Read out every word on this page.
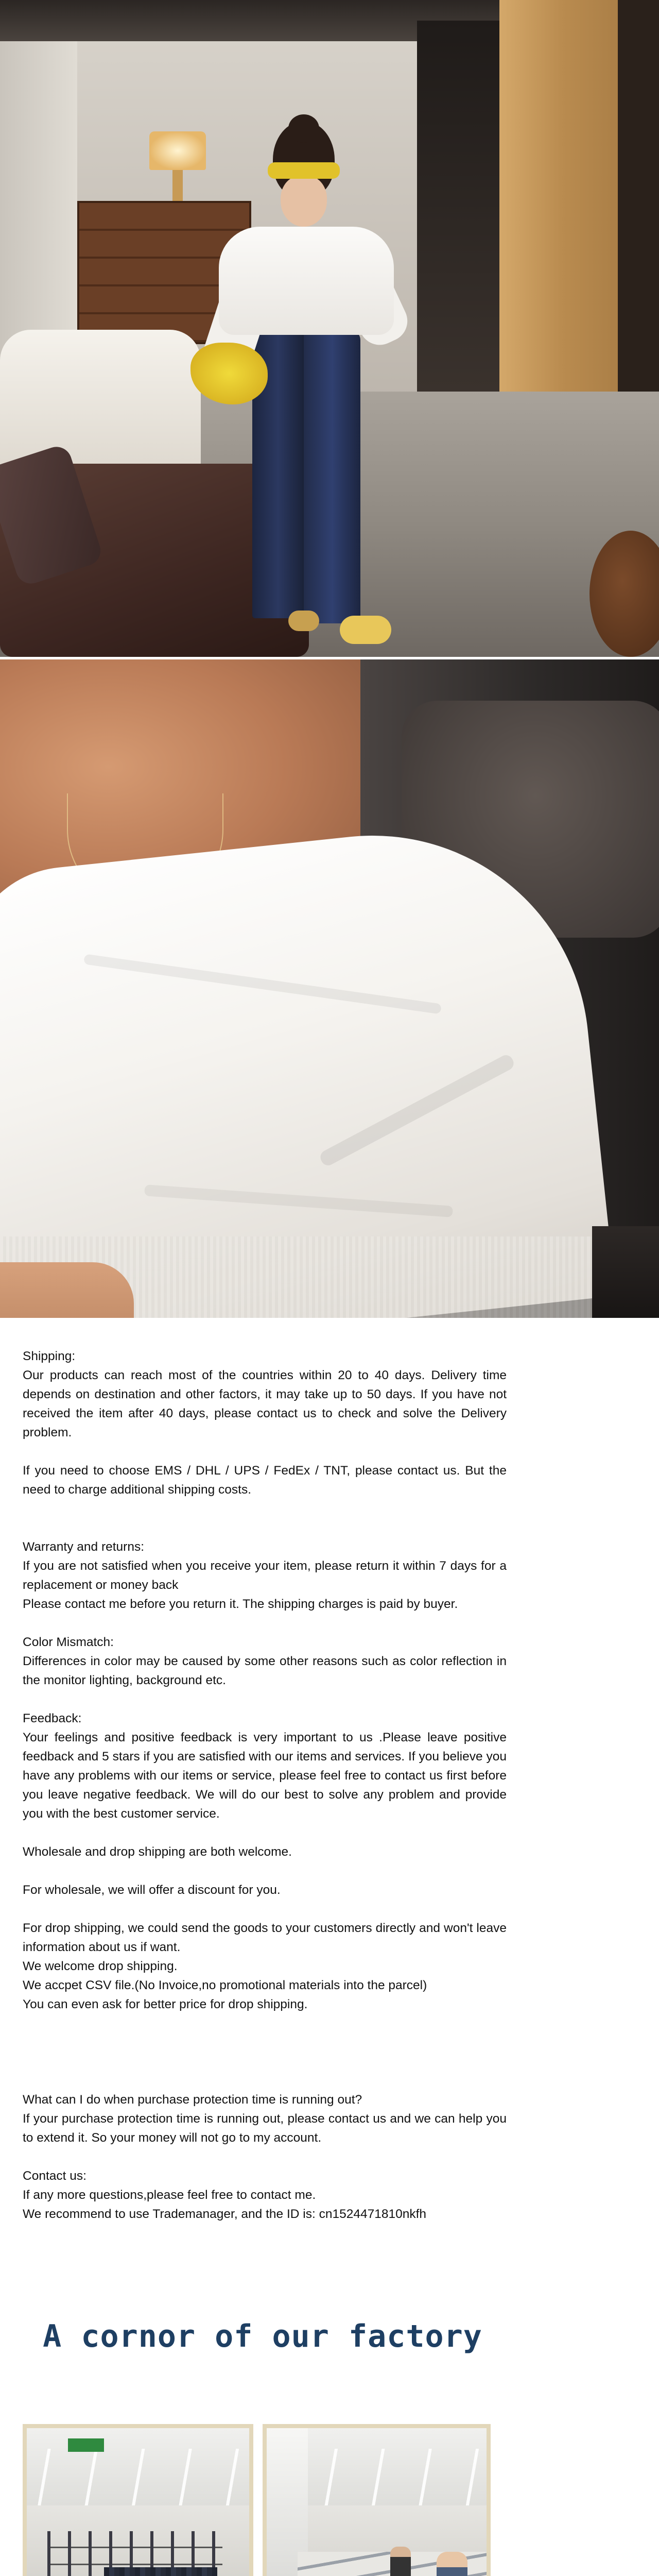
Shipping:

Our products can reach most of the countries within 20 to 40 days. Delivery time depends on destination and other factors, it may take up to 50 days. If you have not received the item after 40 days, please contact us to check and solve the Delivery problem.

If you need to choose EMS / DHL / UPS / FedEx / TNT, please contact us. But the need to charge additional shipping costs.

Warranty and returns:

If you are not satisfied when you receive your item, please return it within 7 days for a replacement or money back

Please contact me before you return it. The shipping charges is paid by buyer.

Color Mismatch:

Differences in color may be caused by some other reasons such as color reflection in the monitor lighting, background etc.

Feedback:

Your feelings and positive feedback is very important to us .Please leave positive feedback and 5 stars if you are satisfied with our items and services. If you believe you have any problems with our items or service, please feel free to contact us first before you leave negative feedback. We will do our best to solve any problem and provide you with the best customer service.

Wholesale and drop shipping are both welcome.

For wholesale, we will offer a discount for you.

For drop shipping, we could send the goods to your customers directly and won't leave information about us if want.

We welcome drop shipping.

We accpet CSV file.(No Invoice,no promotional materials into the parcel)

You can even ask for better price for drop shipping.

What can I do when purchase protection time is running out?

If your purchase protection time is running out, please contact us and we can help you to extend it. So your money will not go to my account.

Contact us:

If any more questions,please feel free to contact me.

We recommend to use Trademanager, and the ID is: cn1524471810nkfh

A cornor of our factory
